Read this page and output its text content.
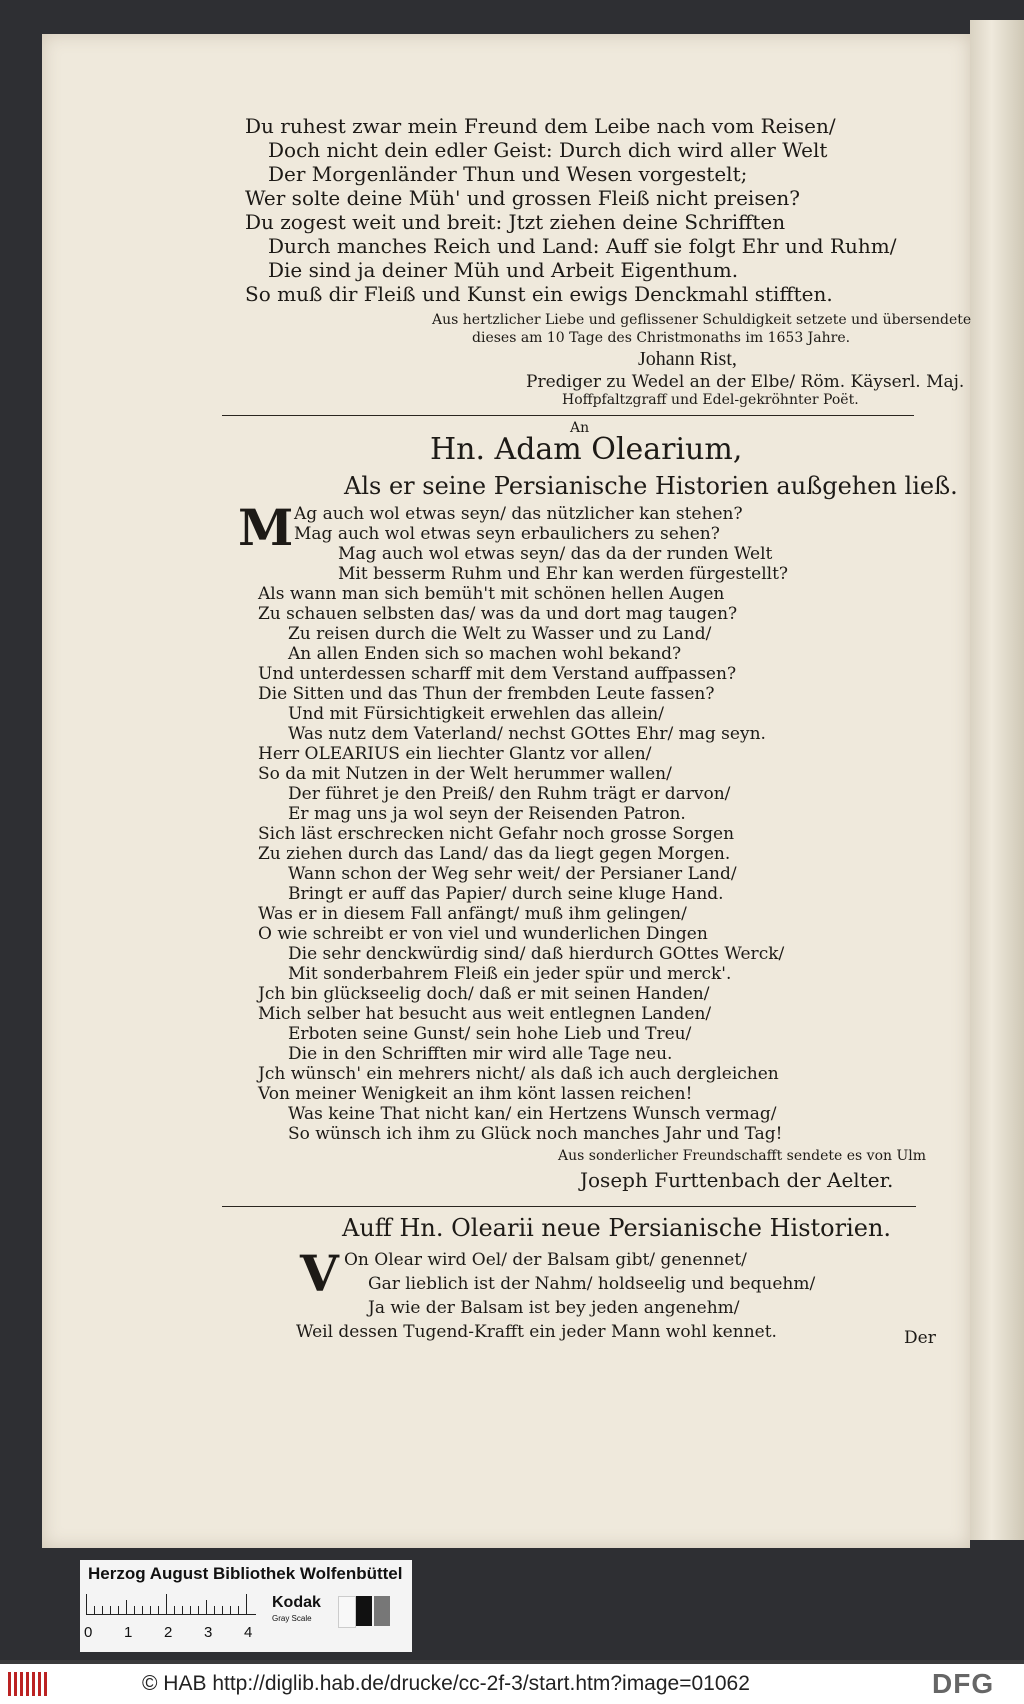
Du ruhest zwar mein Freund dem Leibe nach vom Reisen/
Doch nicht dein edler Geist: Durch dich wird aller Welt
Der Morgenländer Thun und Wesen vorgestelt;
Wer solte deine Müh' und grossen Fleiß nicht preisen?
Du zogest weit und breit: Jtzt ziehen deine Schrifften
Durch manches Reich und Land: Auff sie folgt Ehr und Ruhm/
Die sind ja deiner Müh und Arbeit Eigenthum.
So muß dir Fleiß und Kunst ein ewigs Denckmahl stifften.
Aus hertzlicher Liebe und geflissener Schuldigkeit setzete und übersendete
dieses am 10 Tage des Christmonaths im 1653 Jahre.
Johann Rist,
Prediger zu Wedel an der Elbe/ Röm. Käyserl. Maj.
Hoffpfaltzgraff und Edel-gekröhnter Poët.
An
Hn. Adam Olearium,
Als er seine Persianische Historien außgehen ließ.
M Ag auch wol etwas seyn/ das nützlicher kan stehen?
Mag auch wol etwas seyn erbaulichers zu sehen?
Mag auch wol etwas seyn/ das da der runden Welt
Mit besserm Ruhm und Ehr kan werden fürgestellt?
Als wann man sich bemüh't mit schönen hellen Augen
Zu schauen selbsten das/ was da und dort mag taugen?
Zu reisen durch die Welt zu Wasser und zu Land/
An allen Enden sich so machen wohl bekand?
Und unterdessen scharff mit dem Verstand auffpassen?
Die Sitten und das Thun der frembden Leute fassen?
Und mit Fürsichtigkeit erwehlen das allein/
Was nutz dem Vaterland/ nechst GOttes Ehr/ mag seyn.
Herr OLEARIUS ein liechter Glantz vor allen/
So da mit Nutzen in der Welt herummer wallen/
Der führet je den Preiß/ den Ruhm trägt er darvon/
Er mag uns ja wol seyn der Reisenden Patron.
Sich läst erschrecken nicht Gefahr noch grosse Sorgen
Zu ziehen durch das Land/ das da liegt gegen Morgen.
Wann schon der Weg sehr weit/ der Persianer Land/
Bringt er auff das Papier/ durch seine kluge Hand.
Was er in diesem Fall anfängt/ muß ihm gelingen/
O wie schreibt er von viel und wunderlichen Dingen
Die sehr denckwürdig sind/ daß hierdurch GOttes Werck/
Mit sonderbahrem Fleiß ein jeder spür und merck'.
Jch bin glückseelig doch/ daß er mit seinen Handen/
Mich selber hat besucht aus weit entlegnen Landen/
Erboten seine Gunst/ sein hohe Lieb und Treu/
Die in den Schrifften mir wird alle Tage neu.
Jch wünsch' ein mehrers nicht/ als daß ich auch dergleichen
Von meiner Wenigkeit an ihm könt lassen reichen!
Was keine That nicht kan/ ein Hertzens Wunsch vermag/
So wünsch ich ihm zu Glück noch manches Jahr und Tag!
Aus sonderlicher Freundschafft sendete es von Ulm
Joseph Furttenbach der Aelter.
Auff Hn. Olearii neue Persianische Historien.
V On Olear wird Oel/ der Balsam gibt/ genennet/
Gar lieblich ist der Nahm/ holdseelig und bequehm/
Ja wie der Balsam ist bey jeden angenehm/
Weil dessen Tugend-Krafft ein jeder Mann wohl kennet.	Der
Herzog August Bibliothek Wolfenbüttel
0 1 2 3 4
Kodak
Gray Scale
© HAB http://diglib.hab.de/drucke/cc-2f-3/start.htm?image=01062	DFG
